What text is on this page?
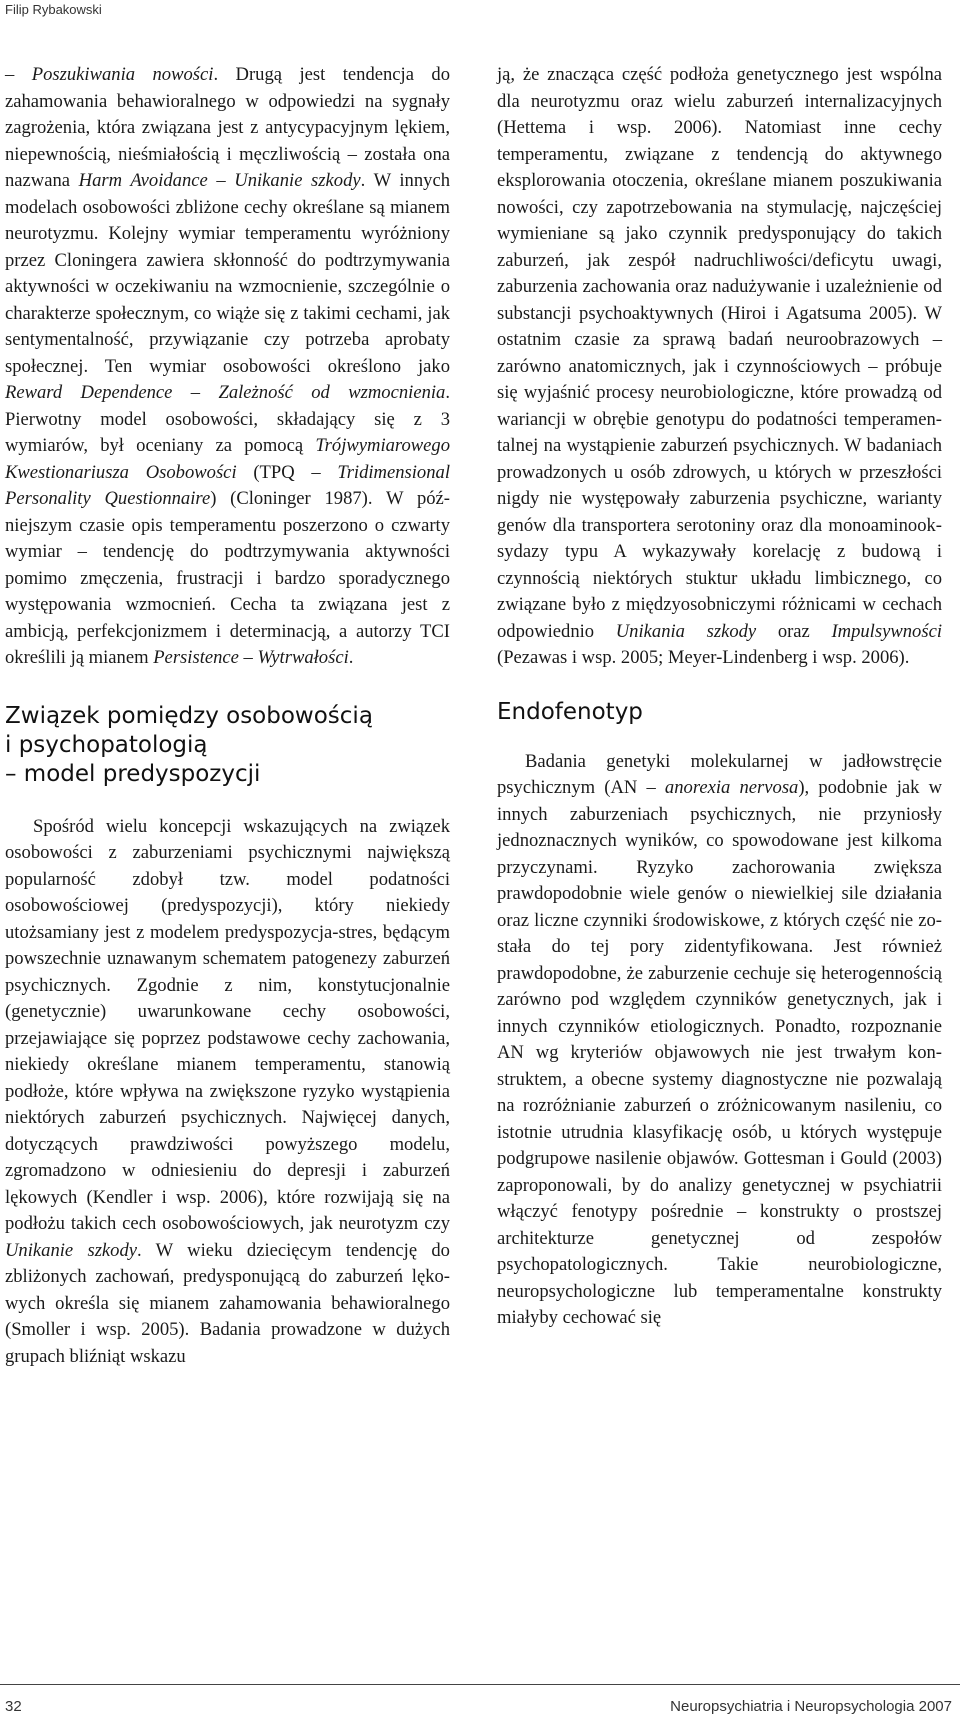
Filip Rybakowski

– Poszukiwania nowości. Drugą jest tendencja do zahamowania behawioralnego w odpowiedzi na sygnały zagrożenia, która związana jest z antycypacyjnym lękiem, niepewnością, nieśmiałością i męczliwością – została ona nazwana Harm Avoidance – Unikanie szkody. W innych modelach osobowości zbliżone cechy określane są mianem neurotyzmu. Kolejny wymiar temperamentu wyróżniony przez Cloningera zawiera skłonność do podtrzymywania aktywności w oczekiwaniu na wzmocnienie, szczególnie o charakterze społecznym, co wiąże się z takimi cechami, jak sentymentalność, przywiązanie czy potrzeba aprobaty społecznej. Ten wymiar osobowości określono jako Reward Dependence – Zależność od wzmocnienia. Pierwotny model osobowości, składający się z 3 wymiarów, był oceniany za pomocą Trójwymiarowego Kwestionariusza Osobowości (TPQ – Tridimensional Personality Questionnaire) (Cloninger 1987). W późniejszym czasie opis temperamentu poszerzono o czwarty wymiar – tendencję do podtrzymywania aktywności pomimo zmęczenia, frustracji i bardzo sporadycznego występowania wzmocnień. Cecha ta związana jest z ambicją, perfekcjonizmem i determinacją, a autorzy TCI określili ją mianem Persistence – Wytrwałości.

Związek pomiędzy osobowością
i psychopatologią
– model predyspozycji

Spośród wielu koncepcji wskazujących na związek osobowości z zaburzeniami psychicznymi największą popularność zdobył tzw. model podatności osobowościowej (predyspozycji), który niekiedy utożsamiany jest z modelem predyspozycja-stres, będącym powszechnie uznawanym schematem patogenezy zaburzeń psychicznych. Zgodnie z nim, konstytucjonalnie (genetycznie) uwarunkowane cechy osobowości, przejawiające się poprzez podstawowe cechy zachowania, niekiedy określane mianem temperamentu, stanowią podłoże, które wpływa na zwiększone ryzyko wystąpienia niektórych zaburzeń psychicznych. Najwięcej danych, dotyczących prawdziwości powyższego modelu, zgromadzono w odniesieniu do depresji i zaburzeń lękowych (Kendler i wsp. 2006), które rozwijają się na podłożu takich cech osobowościowych, jak neurotyzm czy Unikanie szkody. W wieku dziecięcym tendencję do zbliżonych zachowań, predysponującą do zaburzeń lękowych określa się mianem zahamowania behawioralnego (Smoller i wsp. 2005). Badania prowadzone w dużych grupach bliźniąt wskazu

ją, że znacząca część podłoża genetycznego jest wspólna dla neurotyzmu oraz wielu zaburzeń internalizacyjnych (Hettema i wsp. 2006). Natomiast inne cechy temperamentu, związane z tendencją do aktywnego eksplorowania otoczenia, określane mianem poszukiwania nowości, czy zapotrzebowania na stymulację, najczęściej wymieniane są jako czynnik predysponujący do takich zaburzeń, jak zespół nadruchliwości/deficytu uwagi, zaburzenia zachowania oraz nadużywanie i uzależnienie od substancji psychoaktywnych (Hiroi i Agatsuma 2005). W ostatnim czasie za sprawą badań neuroobrazowych – zarówno anatomicznych, jak i czynnościowych – próbuje się wyjaśnić procesy neurobiologiczne, które prowadzą od wariancji w obrębie genotypu do podatności temperamentalnej na wystąpienie zaburzeń psychicznych. W badaniach prowadzonych u osób zdrowych, u których w przeszłości nigdy nie występowały zaburzenia psychiczne, warianty genów dla transportera serotoniny oraz dla monoaminooksydazy typu A wykazywały korelację z budową i czynnością niektórych stuktur układu limbicznego, co związane było z międzyosobniczymi różnicami w cechach odpowiednio Unikania szkody oraz Impulsywności (Pezawas i wsp. 2005; Meyer-Lindenberg i wsp. 2006).

Endofenotyp

Badania genetyki molekularnej w jadłowstręcie psychicznym (AN – anorexia nervosa), podobnie jak w innych zaburzeniach psychicznych, nie przyniosły jednoznacznych wyników, co spowodowane jest kilkoma przyczynami. Ryzyko zachorowania zwiększa prawdopodobnie wiele genów o niewielkiej sile działania oraz liczne czynniki środowiskowe, z których część nie została do tej pory zidentyfikowana. Jest również prawdopodobne, że zaburzenie cechuje się heterogennością zarówno pod względem czynników genetycznych, jak i innych czynników etiologicznych. Ponadto, rozpoznanie AN wg kryteriów objawowych nie jest trwałym konstruktem, a obecne systemy diagnostyczne nie pozwalają na rozróżnianie zaburzeń o zróżnicowanym nasileniu, co istotnie utrudnia klasyfikację osób, u których występuje podgrupowe nasilenie objawów. Gottesman i Gould (2003) zaproponowali, by do analizy genetycznej w psychiatrii włączyć fenotypy pośrednie – konstrukty o prostszej architekturze genetycznej od zespołów psychopatologicznych. Takie neurobiologiczne, neuropsychologiczne lub temperamentalne konstrukty miałyby cechować się

32	Neuropsychiatria i Neuropsychologia 2007
